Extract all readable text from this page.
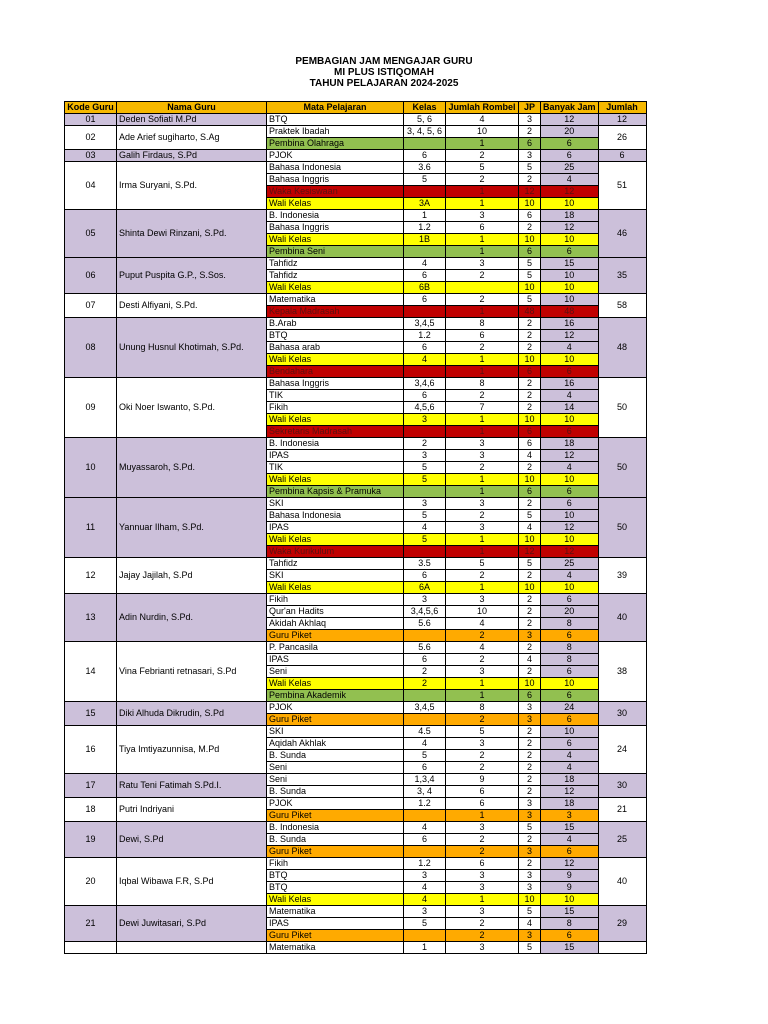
PEMBAGIAN JAM MENGAJAR GURU
MI PLUS ISTIQOMAH
TAHUN PELAJARAN 2024-2025
Kode Guru	Nama Guru	Mata Pelajaran	Kelas	Jumlah Rombel	JP	Banyak Jam	Jumlah
01	Deden Sofiati M.Pd	BTQ	5, 6	4	3	12	12
02	Ade Arief sugiharto, S.Ag	Praktek Ibadah	3, 4, 5, 6	10	2	20	26
		Pembina Olahraga		1	6	6	
03	Galih Firdaus, S.Pd	PJOK	6	2	3	6	6
04	Irma Suryani, S.Pd.	Bahasa Indonesia	3.6	5	5	25	51
		Bahasa Inggris	5	2	2	4	
		Waka Kesiswaan		1	12	12	
		Wali Kelas	3A	1	10	10	
05	Shinta Dewi Rinzani, S.Pd.	B. Indonesia	1	3	6	18	46
		Bahasa Inggris	1.2	6	2	12	
		Wali Kelas	1B	1	10	10	
		Pembina Seni		1	6	6	
06	Puput Puspita G.P., S.Sos.	Tahfidz	4	3	5	15	35
		Tahfidz	6	2	5	10	
		Wali Kelas	6B		10	10	
07	Desti Alfiyani, S.Pd.	Matematika	6	2	5	10	58
		Kepala Madrasah		1	48	48	
08	Unung Husnul Khotimah, S.Pd.	B.Arab	3,4,5	8	2	16	48
		BTQ	1.2	6	2	12	
		Bahasa arab	6	2	2	4	
		Wali Kelas	4	1	10	10	
		Bendahara		1	6	6	
09	Oki Noer Iswanto, S.Pd.	Bahasa Inggris	3,4,6	8	2	16	50
		TIK	6	2	2	4	
		Fikih	4,5,6	7	2	14	
		Wali Kelas	3	1	10	10	
		Sekretaris Madrasah		1	6	6	
10	Muyassaroh, S.Pd.	B. Indonesia	2	3	6	18	50
		IPAS	3	3	4	12	
		TIK	5	2	2	4	
		Wali Kelas	5	1	10	10	
		Pembina Kapsis & Pramuka		1	6	6	
11	Yannuar Ilham, S.Pd.	SKI	3	3	2	6	50
		Bahasa Indonesia	5	2	5	10	
		IPAS	4	3	4	12	
		Wali Kelas	5	1	10	10	
		Waka Kurikulum		1	12	12	
12	Jajay Jajilah, S.Pd	Tahfidz	3.5	5	5	25	39
		SKI	6	2	2	4	
		Wali Kelas	6A	1	10	10	
13	Adin Nurdin, S.Pd.	Fikih	3	3	2	6	40
		Qur'an Hadits	3,4,5,6	10	2	20	
		Akidah Akhlaq	5.6	4	2	8	
		Guru Piket		2	3	6	
14	Vina Febrianti retnasari, S.Pd	P. Pancasila	5.6	4	2	8	38
		IPAS	6	2	4	8	
		Seni	2	3	2	6	
		Wali Kelas	2	1	10	10	
		Pembina Akademik		1	6	6	
15	Diki Alhuda Dikrudin, S.Pd	PJOK	3,4,5	8	3	24	30
		Guru Piket		2	3	6	
16	Tiya Imtiyazunnisa, M.Pd	SKI	4.5	5	2	10	24
		Aqidah Akhlak	4	3	2	6	
		B. Sunda	5	2	2	4	
		Seni	6	2	2	4	
17	Ratu Teni Fatimah S.Pd.I.	Seni	1,3,4	9	2	18	30
		B. Sunda	3, 4	6	2	12	
18	Putri Indriyani	PJOK	1.2	6	3	18	21
		Guru Piket		1	3	3	
19	Dewi, S.Pd	B. Indonesia	4	3	5	15	25
		B. Sunda	6	2	2	4	
		Guru Piket		2	3	6	
20	Iqbal Wibawa F.R, S.Pd	Fikih	1.2	6	2	12	40
		BTQ	3	3	3	9	
		BTQ	4	3	3	9	
		Wali Kelas	4	1	10	10	
21	Dewi Juwitasari, S.Pd	Matematika	3	3	5	15	29
		IPAS	5	2	4	8	
		Guru Piket		2	3	6	
		Matematika	1	3	5	15	
